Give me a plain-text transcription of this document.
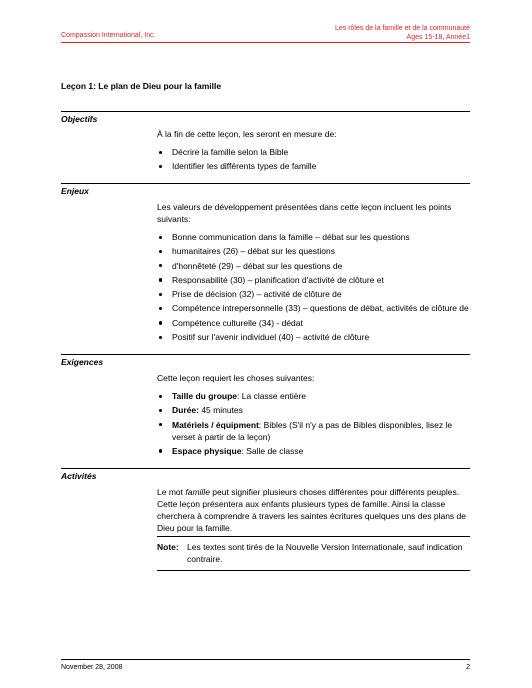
Compassion International, Inc.
Les rôles de la famille et de la communauté
Ages 15-18, Année1
Leçon 1: Le plan de Dieu pour la famille
Objectifs

À la fin de cette leçon, les seront en mesure de:

Décrire la famille selon la Bible
Identifier les différents types de famille
Enjeux

Les valeurs de développement présentées dans cette leçon incluent les points suivants:

Bonne communication dans la famille – débat sur les questions
humanitaires (26) – débat sur les questions
d'honnêteté (29) – débat sur les questions de
Responsabilité (30) – planification d'activité de clôture et
Prise de décision (32) – activité de clôture de
Compétence intrepersonnelle (33) – questions de débat, activités de clôture de
Compétence culturelle (34) - dédat
Positif sur l'avenir individuel (40) – activité de clôture
Exigences

Cette leçon requiert les choses suivantes:

Taille du groupe: La classe entière
Durée: 45 minutes
Matériels / équipment: Bibles (S'il n'y a pas de Bibles disponibles, lisez le verset à partir de la leçon)
Espace physique: Salle de classe
Activités

Le mot famille peut signifier plusieurs choses différentes pour différents peuples. Cette leçon présentera aux enfants plusieurs types de famille. Ainsi la classe cherchera à comprendre à travers les saintes écritures quelques uns des plans de Dieu pour la famille.

Note: Les textes sont tirés de la Nouvelle Version Internationale, sauf indication contraire.
November 28, 2008	2
